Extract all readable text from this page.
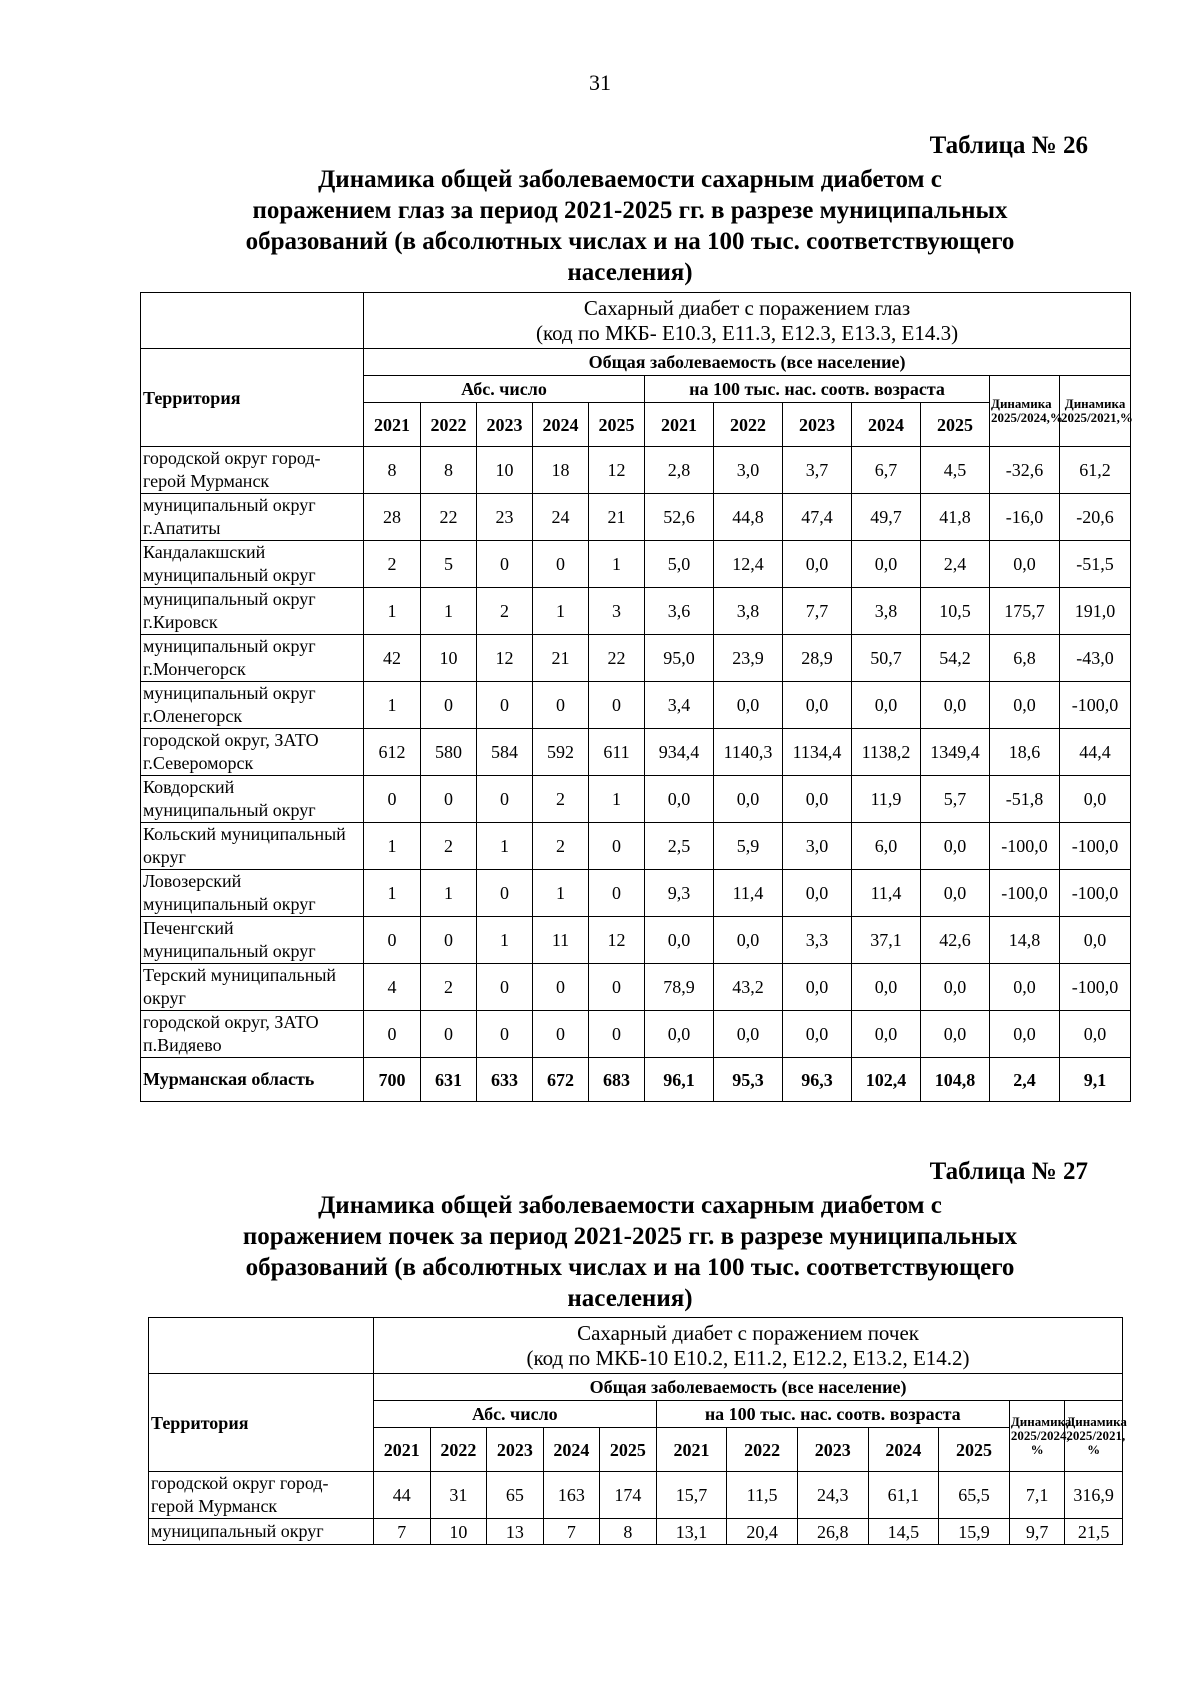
31
Таблица № 26
Динамика общей заболеваемости сахарным диабетом с
поражением глаз за период 2021-2025 гг. в разрезе муниципальных
образований (в абсолютных числах и на 100 тыс. соответствующего
населения)

	Сахарный диабет с поражением глаз
(код по МКБ- Е10.3, Е11.3, Е12.3, Е13.3, Е14.3)											

Территория	Общая заболеваемость (все население)											
	Абс. число					на 100 тыс. нас. соотв. возраста					Динамика 2025/2024,%	Динамика 2025/2021,%
	2021	2022	2023	2024	2025	2021	2022	2023	2024	2025		
городской округ город-герой Мурманск	8	8	10	18	12	2,8	3,0	3,7	6,7	4,5	-32,6	61,2
муниципальный округ г.Апатиты	28	22	23	24	21	52,6	44,8	47,4	49,7	41,8	-16,0	-20,6
Кандалакшский муниципальный округ	2	5	0	0	1	5,0	12,4	0,0	0,0	2,4	0,0	-51,5
муниципальный округ г.Кировск	1	1	2	1	3	3,6	3,8	7,7	3,8	10,5	175,7	191,0
муниципальный округ г.Мончегорск	42	10	12	21	22	95,0	23,9	28,9	50,7	54,2	6,8	-43,0
муниципальный округ г.Оленегорск	1	0	0	0	0	3,4	0,0	0,0	0,0	0,0	0,0	-100,0
городской округ, ЗАТО г.Североморск	612	580	584	592	611	934,4	1140,3	1134,4	1138,2	1349,4	18,6	44,4
Ковдорский муниципальный округ	0	0	0	2	1	0,0	0,0	0,0	11,9	5,7	-51,8	0,0
Кольский муниципальный округ	1	2	1	2	0	2,5	5,9	3,0	6,0	0,0	-100,0	-100,0
Ловозерский муниципальный округ	1	1	0	1	0	9,3	11,4	0,0	11,4	0,0	-100,0	-100,0
Печенгский муниципальный округ	0	0	1	11	12	0,0	0,0	3,3	37,1	42,6	14,8	0,0
Терский муниципальный округ	4	2	0	0	0	78,9	43,2	0,0	0,0	0,0	0,0	-100,0
городской округ, ЗАТО п.Видяево	0	0	0	0	0	0,0	0,0	0,0	0,0	0,0	0,0	0,0
Мурманская область	700	631	633	672	683	96,1	95,3	96,3	102,4	104,8	2,4	9,1
Таблица № 27
Динамика общей заболеваемости сахарным диабетом с
поражением почек за период 2021-2025 гг. в разрезе муниципальных
образований (в абсолютных числах и на 100 тыс. соответствующего
населения)

	Сахарный диабет с поражением почек
(код по МКБ-10 Е10.2, Е11.2, Е12.2, Е13.2, Е14.2)											

Территория	Общая заболеваемость (все население)											
	Абс. число					на 100 тыс. нас. соотв. возраста					Динамика 2025/2024, %	Динамика 2025/2021, %
	2021	2022	2023	2024	2025	2021	2022	2023	2024	2025		
городской округ город-герой Мурманск	44	31	65	163	174	15,7	11,5	24,3	61,1	65,5	7,1	316,9
муниципальный округ	7	10	13	7	8	13,1	20,4	26,8	14,5	15,9	9,7	21,5
